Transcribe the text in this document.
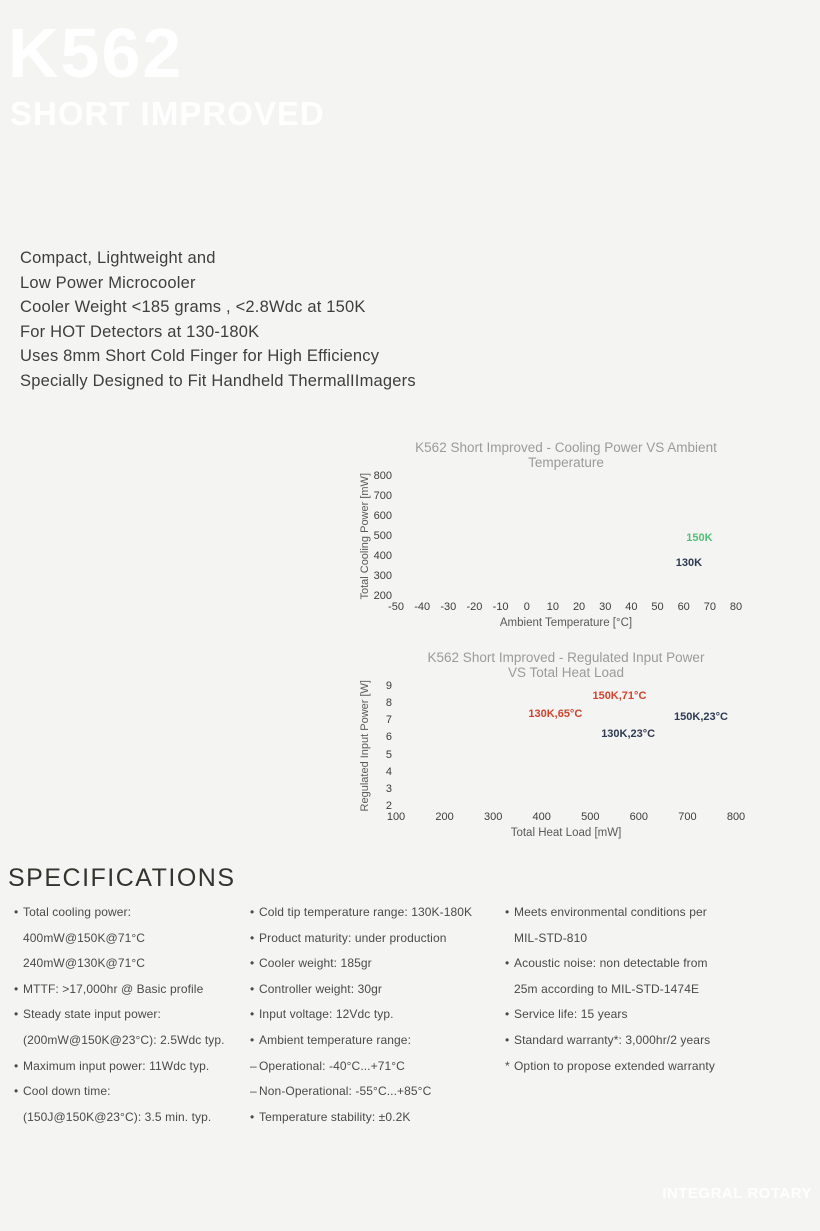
K562
SHORT IMPROVED
Compact, Lightweight and
Low Power Microcooler
Cooler Weight <185 grams , <2.8Wdc at 150K
For HOT Detectors at 130-180K
Uses 8mm Short Cold Finger for High Efficiency
Specially Designed to Fit Handheld ThermalIImagers
K562 Short Improved - Cooling Power VS Ambient
Temperature
Total Cooling Power [mW] 800
700
600
500
400
300
200
150K
130K
-50 -40 -30 -20 -10 0 10 20 30 40 50 60 70 80
Ambient Temperature [°C]
K562 Short Improved - Regulated Input Power
VS Total Heat Load
Regulated Input Power [W] 9
8
7
6
5
4
3
2
150K,71°C
130K,65°C	150K,23°C
130K,23°C
100	200	300	400	500	600	700	800
Total Heat Load [mW]
SPECIFICATIONS
• Total cooling power:
400mW@150K@71°C
240mW@130K@71°C
• MTTF: >17,000hr @ Basic profile
• Steady state input power:
(200mW@150K@23°C): 2.5Wdc typ.
• Maximum input power: 11Wdc typ.
• Cool down time:
(150J@150K@23°C): 3.5 min. typ.
• Cold tip temperature range: 130K-180K
• Product maturity: under production
• Cooler weight: 185gr
• Controller weight: 30gr
• Input voltage: 12Vdc typ.
• Ambient temperature range:
– Operational: -40°C...+71°C
– Non-Operational: -55°C...+85°C
• Temperature stability: ±0.2K
• Meets environmental conditions per
MIL-STD-810
• Acoustic noise: non detectable from
25m according to MIL-STD-1474E
• Service life: 15 years
• Standard warranty*: 3,000hr/2 years
* Option to propose extended warranty
INTEGRAL ROTARY
